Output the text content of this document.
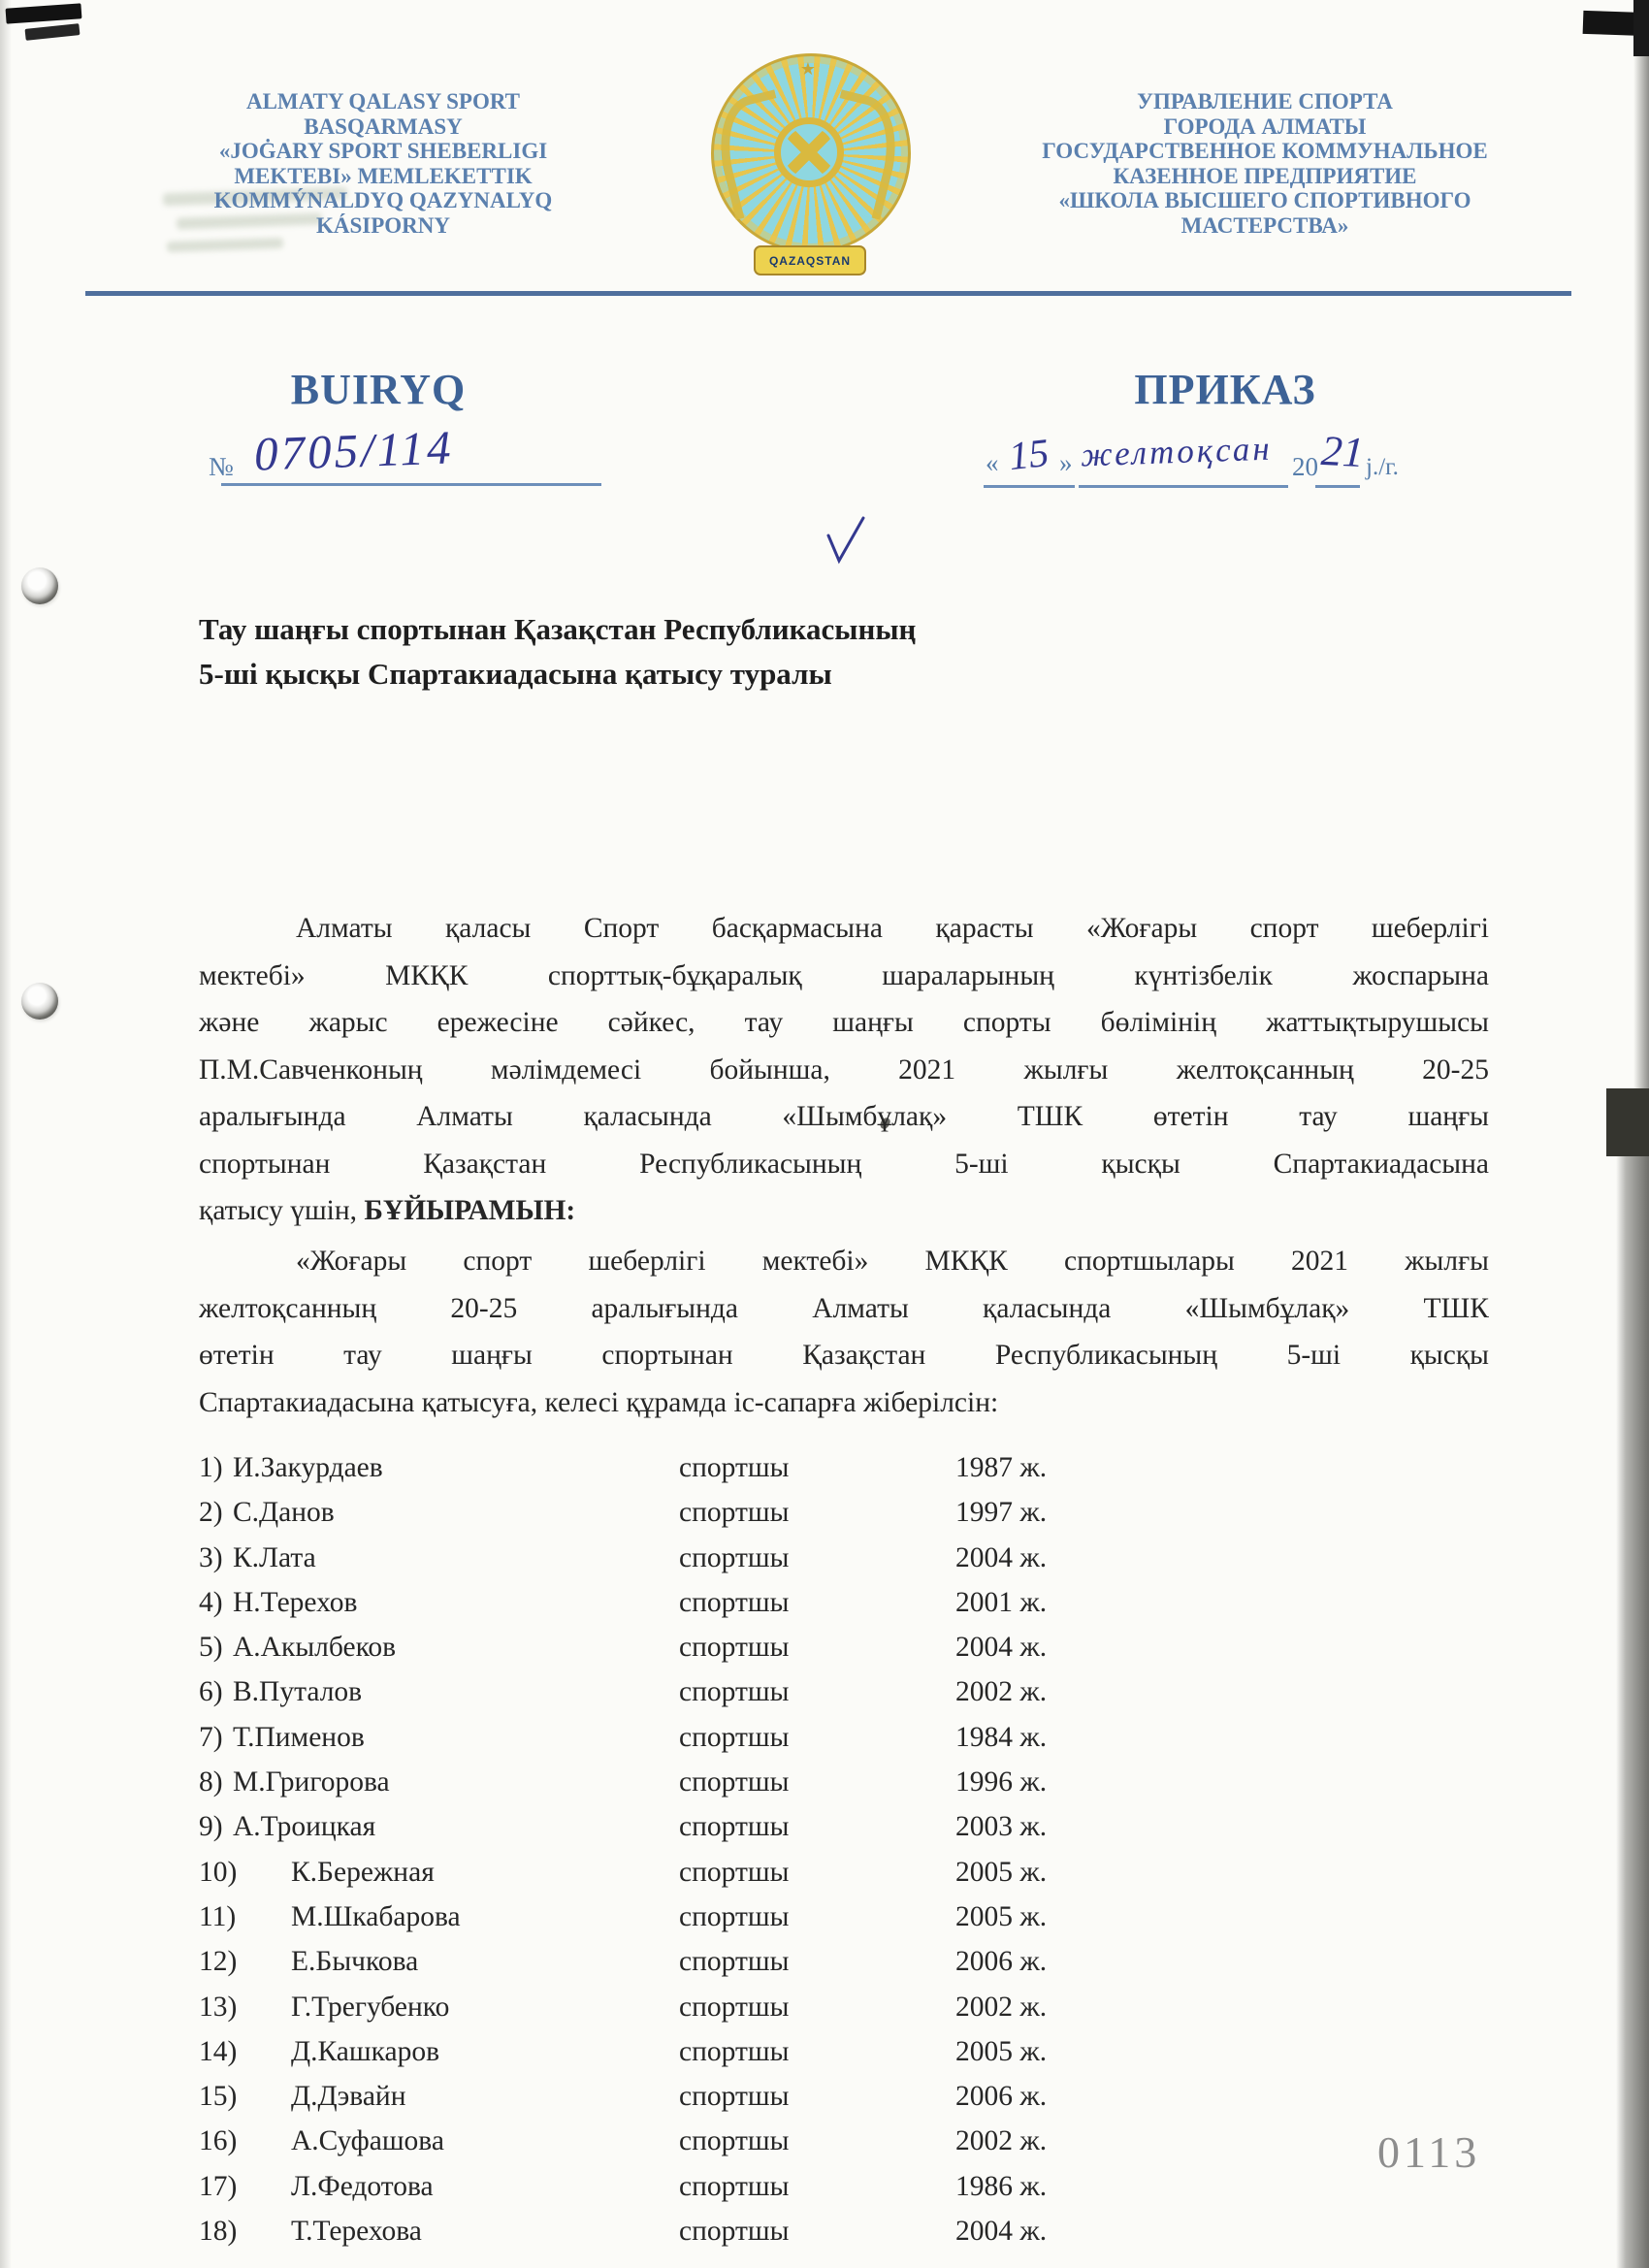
ALMATY QALASY SPORT
BASQARMASY
«JOĠARY SPORT SHEBERLIGI
MEKTEBI» MEMLEKETTIK
KOMMÝNALDYQ QAZYNALYQ
KÁSIPORNY
★
QAZAQSTAN
УПРАВЛЕНИЕ СПОРТА
ГОРОДА АЛМАТЫ
ГОСУДАРСТВЕННОЕ КОММУНАЛЬНОЕ
КАЗЕННОЕ ПРЕДПРИЯТИЕ
«ШКОЛА ВЫСШЕГО СПОРТИВНОГО
МАСТЕРСТВА»
BUIRYQ	ПРИКАЗ
№ 0705/114	« 15 » желтоқсан 20 21 j./г.
Тау шаңғы спортынан Қазақстан Республикасының
5-ші қысқы Спартакиадасына қатысу туралы
Алматы қаласы Спорт басқармасына қарасты «Жоғары спорт шеберлігі
мектебі» МКҚК спорттық-бұқаралық шараларының күнтізбелік жоспарына
және жарыс ережесіне сәйкес, тау шаңғы спорты бөлімінің жаттықтырушысы
П.М.Савченконың мәлімдемесі бойынша, 2021 жылғы желтоқсанның 20-25
аралығында Алматы қаласында «Шымбұлақ» ТШК өтетін тау шаңғы
спортынан Қазақстан Республикасының 5-ші қысқы Спартакиадасына
қатысу үшін, БҰЙЫРАМЫН:
«Жоғары спорт шеберлігі мектебі» МКҚК спортшылары 2021 жылғы
желтоқсанның 20-25 аралығында Алматы қаласында «Шымбұлақ» ТШК
өтетін тау шаңғы спортынан Қазақстан Республикасының 5-ші қысқы
Спартакиадасына қатысуға, келесі құрамда іс-сапарға жіберілсін:
1) И.Закурдаев	спортшы	1987 ж.
2) С.Данов	спортшы	1997 ж.
3) К.Лата	спортшы	2004 ж.
4) Н.Терехов	спортшы	2001 ж.
5) А.Акылбеков	спортшы	2004 ж.
6) В.Путалов	спортшы	2002 ж.
7) Т.Пименов	спортшы	1984 ж.
8) М.Григорова	спортшы	1996 ж.
9) А.Троицкая	спортшы	2003 ж.
10) К.Бережная	спортшы	2005 ж.
11) М.Шкабарова	спортшы	2005 ж.
12) Е.Бычкова	спортшы	2006 ж.
13) Г.Трегубенко	спортшы	2002 ж.
14) Д.Кашкаров	спортшы	2005 ж.
15) Д.Дэвайн	спортшы	2006 ж.
16) А.Суфашова	спортшы	2002 ж.
17) Л.Федотова	спортшы	1986 ж.
18) Т.Терехова	спортшы	2004 ж.
0113
